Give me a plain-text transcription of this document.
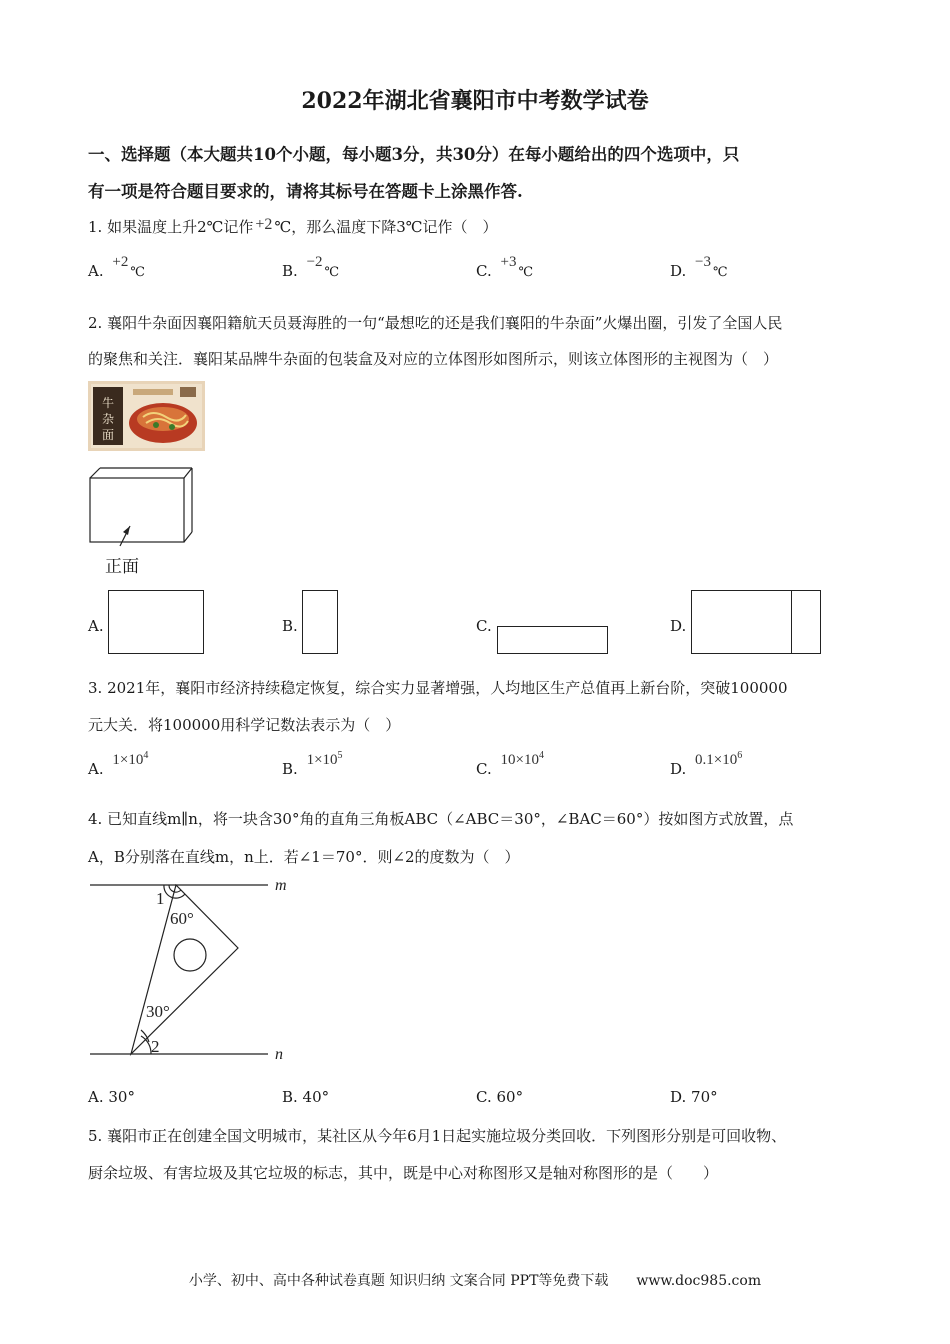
2022年湖北省襄阳市中考数学试卷
一、选择题（本大题共10个小题，每小题3分，共30分）在每小题给出的四个选项中，只
有一项是符合题目要求的，请将其标号在答题卡上涂黑作答.
1. 如果温度上升2℃记作 +2 ℃，那么温度下降3℃记作（　）
A. +2℃	B. −2℃	C. +3℃	D. −3℃
2. 襄阳牛杂面因襄阳籍航天员聂海胜的一句“最想吃的还是我们襄阳的牛杂面”火爆出圈，引发了全国人民
的聚焦和关注．襄阳某品牌牛杂面的包装盒及对应的立体图形如图所示，则该立体图形的主视图为（　）
牛
杂
面
正面
A.	B.	C.	D.
3. 2021年，襄阳市经济持续稳定恢复，综合实力显著增强，人均地区生产总值再上新台阶，突破100000
元大关．将100000用科学记数法表示为（　）
A. $1\times 10^4$
B. $1\times 10^5$
C. $10\times 10^4$
D. $0.1\times 10^6$
4. 已知直线m∥n，将一块含30°角的直角三角板ABC（∠ABC＝30°，∠BAC＝60°）按如图方式放置，点
A，B分别落在直线m，n上．若∠1＝70°．则∠2的度数为（　）
1
60°
30°
2
m
n
A. 30°	B. 40°	C. 60°	D. 70°
5. 襄阳市正在创建全国文明城市，某社区从今年6月1日起实施垃圾分类回收．下列图形分别是可回收物、
厨余垃圾、有害垃圾及其它垃圾的标志，其中，既是中心对称图形又是轴对称图形的是（　　）
小学、初中、高中各种试卷真题 知识归纳 文案合同 PPT等免费下载　　www.doc985.com
